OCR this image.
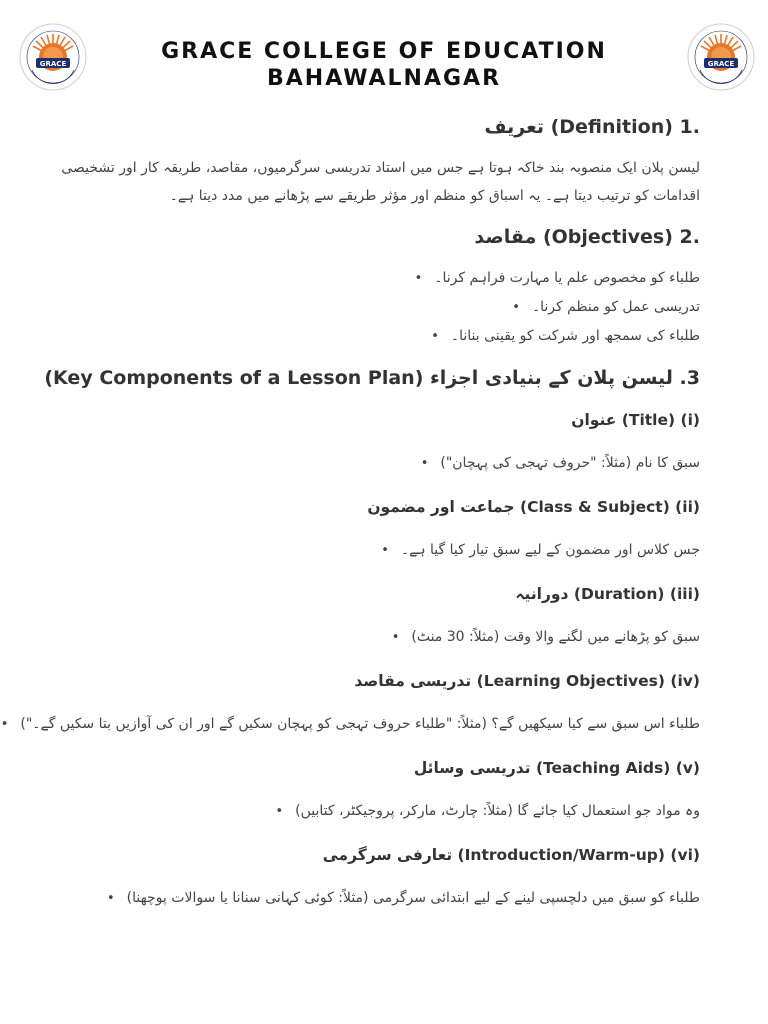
GRACE	GRACE
GRACE COLLEGE OF EDUCATION
BAHAWALNAGAR
.1 (Definition) تعریف

لیسن پلان ایک منصوبہ بند خاکہ ہوتا ہے جس میں استاد تدریسی سرگرمیوں، مقاصد، طریقہ کار اور تشخیصی اقدامات کو ترتیب دیتا ہے۔ یہ اسباق کو منظم اور مؤثر طریقے سے پڑھانے میں مدد دیتا ہے۔

.2 (Objectives) مقاصد
طلباء کو مخصوص علم یا مہارت فراہم کرنا۔•
تدریسی عمل کو منظم کرنا۔•
طلباء کی سمجھ اور شرکت کو یقینی بنانا۔•
3. لیسن پلان کے بنیادی اجزاء (Key Components of a Lesson Plan)
(i) (Title) عنوان
سبق کا نام (مثلاً: "حروف تہجی کی پہچان")•
(ii) (Class & Subject) جماعت اور مضمون
جس کلاس اور مضمون کے لیے سبق تیار کیا گیا ہے۔•
(iii) (Duration) دورانیہ
سبق کو پڑھانے میں لگنے والا وقت (مثلاً: 30 منٹ)•
(iv) (Learning Objectives) تدریسی مقاصد
طلباء اس سبق سے کیا سیکھیں گے؟ (مثلاً: "طلباء حروف تہجی کو پہچان سکیں گے اور ان کی آوازیں بتا سکیں گے۔")•
(v) (Teaching Aids) تدریسی وسائل
وہ مواد جو استعمال کیا جائے گا (مثلاً: چارٹ، مارکر، پروجیکٹر، کتابیں)•
(vi) (Introduction/Warm-up) تعارفی سرگرمی
طلباء کو سبق میں دلچسپی لینے کے لیے ابتدائی سرگرمی (مثلاً: کوئی کہانی سنانا یا سوالات پوچھنا)•
